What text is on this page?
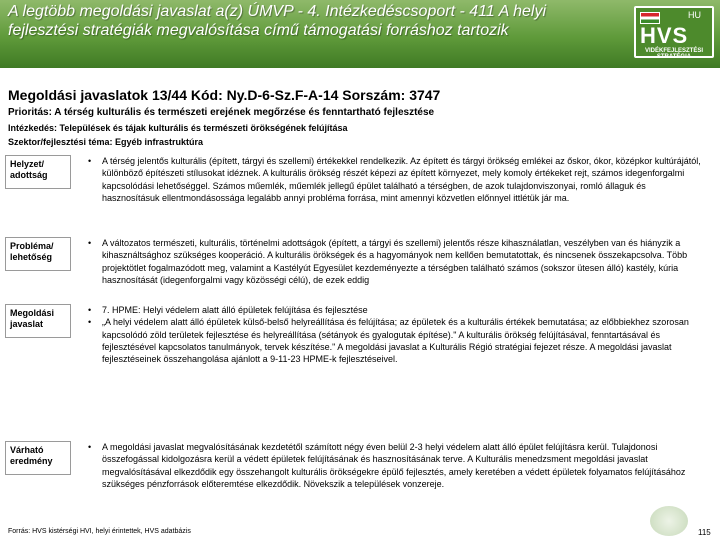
A legtöbb megoldási javaslat a(z) ÚMVP - 4. Intézkedéscsoport - 411 A helyi fejlesztési stratégiák megvalósítása című támogatási forráshoz tartozik
HU
HVS
VIDÉKFEJLESZTÉSI STRATÉGIA
Megoldási javaslatok 13/44 Kód: Ny.D-6-Sz.F-A-14 Sorszám: 3747
Prioritás: A térség kulturális és természeti erejének megőrzése és fenntartható fejlesztése
Intézkedés: Települések és tájak kulturális és természeti örökségének felújítása
Szektor/fejlesztési téma: Egyéb infrastruktúra
Helyzet/ adottság
• A térség jelentős kulturális (épített, tárgyi és szellemi) értékekkel rendelkezik. Az épített és tárgyi örökség emlékei az őskor, ókor, középkor kultúrájától, különböző építészeti stílusokat idéznek. A kulturális örökség részét képezi az épített környezet, mely komoly értékeket rejt, számos idegenforgalmi kapcsolódási lehetőséggel. Számos műemlék, műemlék jellegű épület található a térségben, de azok tulajdonviszonyai, romló állaguk és hasznosításuk ellentmondásossága legalább annyi probléma forrása, mint amennyi közvetlen előnnyel ittlétük jár ma.
Probléma/ lehetőség
• A változatos természeti, kulturális, történelmi adottságok (épített, a tárgyi és szellemi) jelentős része kihasználatlan, veszélyben van és hiányzik a kihasználtsághoz szükséges kooperáció. A kulturális örökségek és a hagyományok nem kellően bemutatottak, és nincsenek összekapcsolva. Több projektötlet fogalmazódott meg, valamint a Kastélyút Egyesület kezdeményezte a térségben található számos (sokszor ütesen álló) kastély, kúria hasznosítását (idegenforgalmi vagy közösségi célú), de ezek eddig
Megoldási javaslat
• 7. HPME: Helyi védelem alatt álló épületek felújítása és fejlesztése
• „A helyi védelem alatt álló épületek külső-belső helyreállítása és felújítása; az épületek és a kulturális értékek bemutatása; az előbbiekhez szorosan kapcsolódó zöld területek fejlesztése és helyreállítása (sétányok és gyalogutak építése)." A kulturális örökség felújításával, fenntartásával és fejlesztésével kapcsolatos tanulmányok, tervek készítése." A megoldási javaslat a Kulturális Régió stratégiai fejezet része. A megoldási javaslat fejlesztéseinek összehangolása ajánlott a 9-11-23 HPME-k fejlesztéseivel.
Várható eredmény
• A megoldási javaslat megvalósításának kezdetétől számított négy éven belül 2-3 helyi védelem alatt álló épület felújításra kerül. Tulajdonosi összefogással kidolgozásra kerül a védett épületek felújításának és hasznosításának terve. A Kulturális menedzsment megoldási javaslat megvalósításával elkezdődik egy összehangolt kulturális örökségekre épülő fejlesztés, amely keretében a védett épületek folyamatos felújításához szükséges pénzforrások előteremtése elkezdődik. Növekszik a települések vonzereje.
Forrás: HVS kistérségi HVI, helyi érintettek, HVS adatbázis	115
